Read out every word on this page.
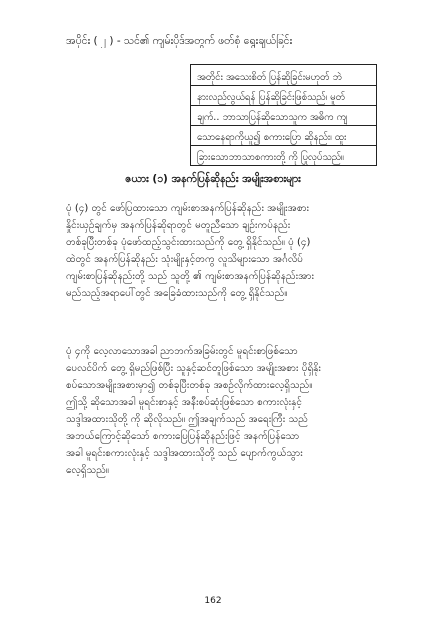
အပိုင်း ( ၂ ) - သင်၏ ကျမ်းပိုဒ်အတွက် ဖတ်စုံ ရွေးချယ်ခြင်း
အတိုင်း အသေးစိတ် ပြန်ဆိုခြင်းမဟုတ် ဘဲ
နားလည်လွယ်ရန် ပြန်ဆိုခြင်းဖြစ်သည်၊ မူတ်
ချက်.. ဘာသာပြန်ဆိုသောသူက အဓိက ကျ
သောနေရာကိုယူ၍ စကားပြော ဆိုနည်း၊ ထူး
ခြားသောဘာသာစကားတို့ ကို ပြုလုပ်သည်။
ဇယား (၁) အနက်ပြန်ဆိုနည်း အမျိုးအစားများ
ပုံ (၄) တွင် ဖော်ပြထားသော ကျမ်းစာအနက်ပြန်ဆိုနည်း အမျိုးအစား
နှိုင်းယှဉ်ချက်မှ အနက်ပြန်ဆိုရာတွင် မတူညီသော ချဉ်းကပ်နည်း
တစ်ခုပြီးတစ်ခု ပုံဖော်ထည့်သွင်းထားသည်ကို တွေ့ ရှိနိုင်သည်။ ပုံ (၄)
ထဲတွင် အနက်ပြန်ဆိုနည်း သုံးမျိုးနှင့်တကွ လူသိများသော အင်္ဂလိပ်
ကျမ်းစာပြန်ဆိုနည်းတို့ သည် သူတို့ ၏ ကျမ်းစာအနက်ပြန်ဆိုနည်းအား
မည်သည့်အရာပေါ်တွင် အခြေခံထားသည်ကို တွေ့ ရှိနိုင်သည်။
ပုံ ၄ကို လေ့လာသောအခါ ညာဘက်အခြမ်းတွင် မူရင်းစာဖြစ်သော
ပေလင်ပိက် တွေ့ ရှိမည်ဖြစ်ပြီး သူနှင့်ဆင်တူဖြစ်သော အမျိုးအစား ပိုရှိနိုး
စပ်သောအမျိုးအစားမှာ၍ တစ်ခုပြီးတစ်ခု အစဉ်လိုက်ထားလေ့ရှိသည်။
ဤသို့ ဆိုသောအခါ မူရင်းစာနှင့် အနီးစပ်ဆုံးဖြစ်သော စကားလုံးနှင့်
သဒ္ဒါအထားသိုတို့ ကို ဆိုလိုသည်။ ဤအချက်သည် အရေးကြီး သည်
အဘယ်ကြောင့်ဆိုသော် စကားပြေပြန်ဆိုနည်းဖြင့် အနက်ပြန်သော
အခါ မူရင်းစကားလုံးနှင့် သဒ္ဒါအထားသိုတို့ သည် ပျောက်ကွယ်သွား
လေ့ရှိသည်။
162
